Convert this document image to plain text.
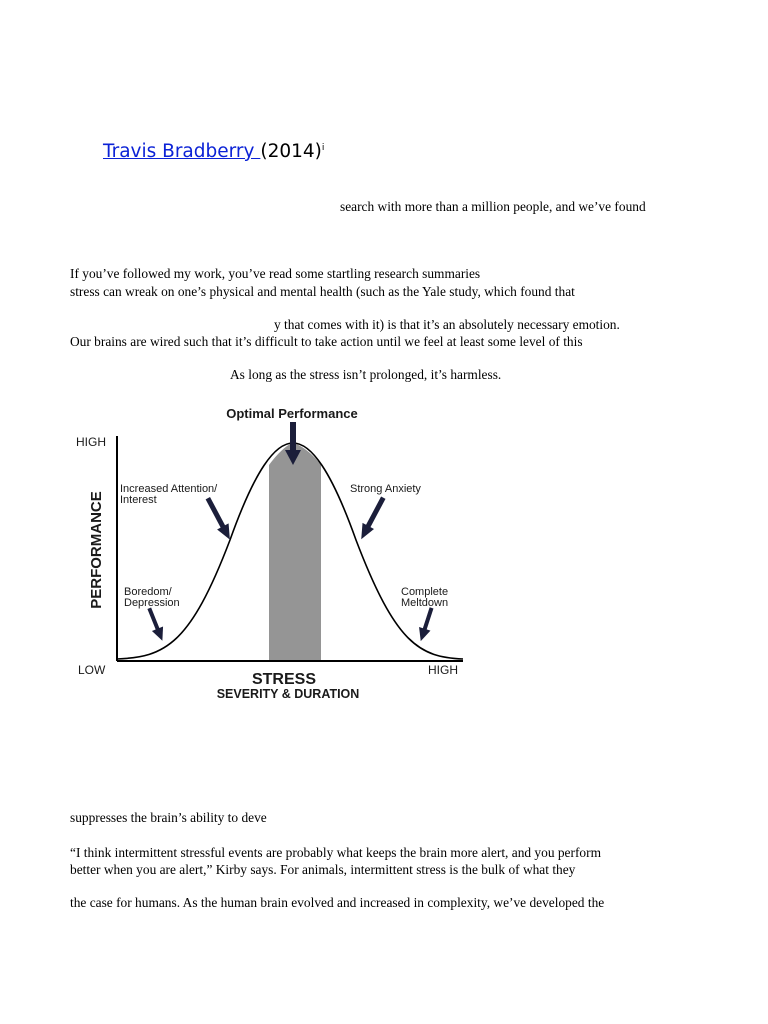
Travis Bradberry $(2014)^i$
search with more than a million people, and we’ve found
If you’ve followed my work, you’ve read some startling research summaries
stress can wreak on one’s physical and mental health (such as the Yale study, which found that
y that comes with it) is that it’s an absolutely necessary emotion.
Our brains are wired such that it’s difficult to take action until we feel at least some level of this
As long as the stress isn’t prolonged, it’s harmless.
Optimal Performance
HIGH
LOW	HIGH
PERFORMANCE
STRESS
SEVERITY & DURATION
Increased Attention/
Interest
Strong Anxiety
Boredom/
Depression
Complete
Meltdown
suppresses the brain’s ability to deve
“I think intermittent stressful events are probably what keeps the brain more alert, and you perform
better when you are alert,” Kirby says. For animals, intermittent stress is the bulk of what they
the case for humans. As the human brain evolved and increased in complexity, we’ve developed the
